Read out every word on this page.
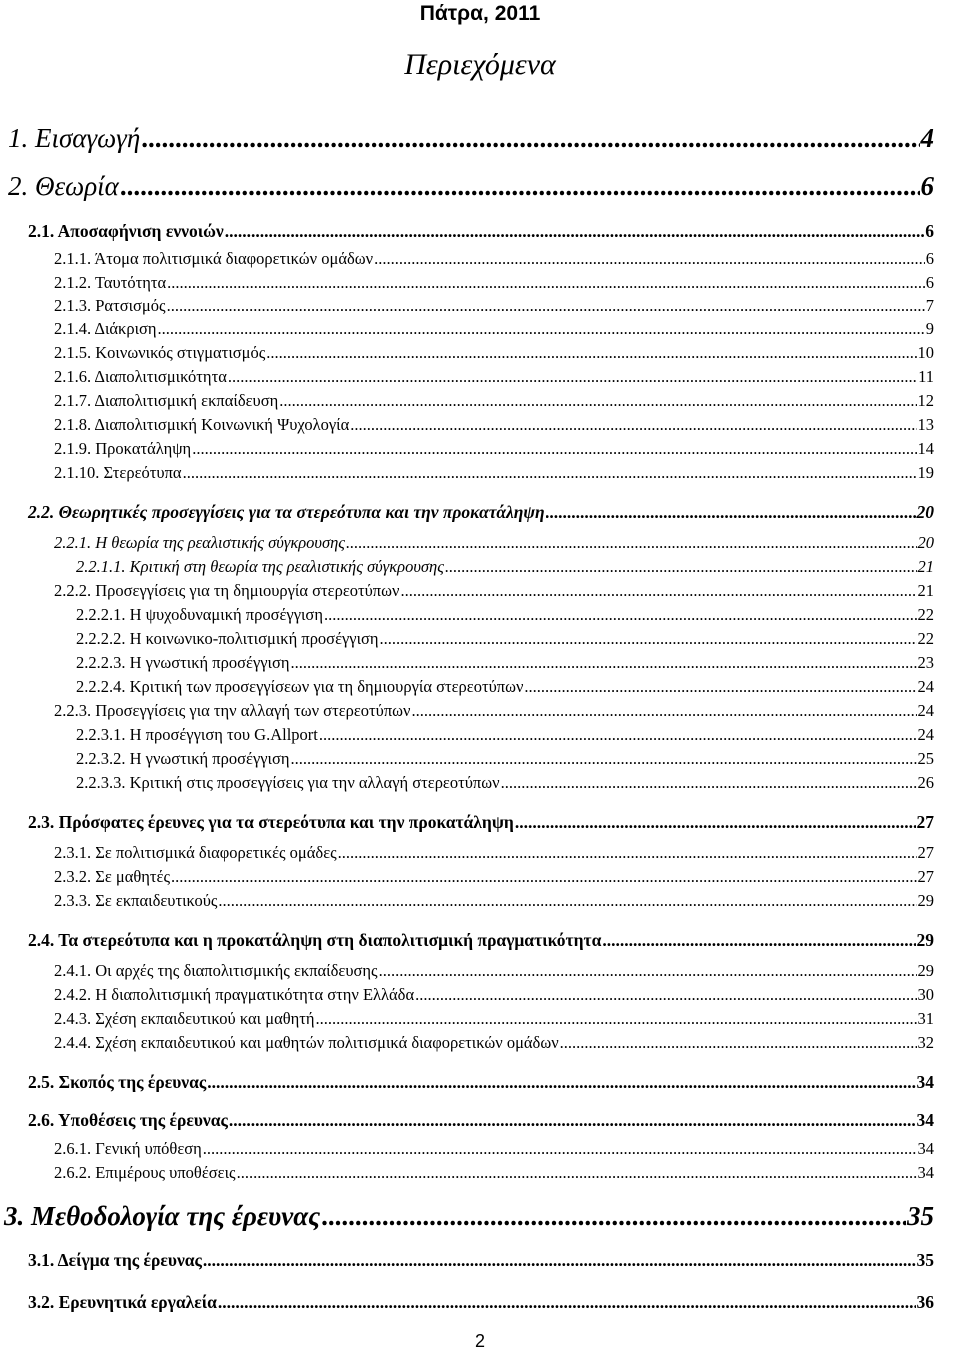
Πάτρα, 2011
Περιεχόμενα
1. Εισαγωγή .....	4
2. Θεωρία .....	6
2.1. Αποσαφήνιση εννοιών .....	6
2.1.1. Άτομα πολιτισμικά διαφορετικών ομάδων .....	6
2.1.2. Ταυτότητα .....	6
2.1.3. Ρατσισμός .....	7
2.1.4. Διάκριση .....	9
2.1.5. Κοινωνικός στιγματισμός .....	10
2.1.6. Διαπολιτισμικότητα .....	11
2.1.7. Διαπολιτισμική εκπαίδευση .....	12
2.1.8. Διαπολιτισμική Κοινωνική Ψυχολογία .....	13
2.1.9. Προκατάληψη .....	14
2.1.10. Στερεότυπα .....	19
2.2. Θεωρητικές προσεγγίσεις για τα στερεότυπα και την προκατάληψη .....	20
2.2.1. Η θεωρία της ρεαλιστικής σύγκρουσης .....	20
2.2.1.1. Κριτική στη θεωρία της ρεαλιστικής σύγκρουσης .....	21
2.2.2. Προσεγγίσεις για τη δημιουργία στερεοτύπων .....	21
2.2.2.1. Η ψυχοδυναμική προσέγγιση .....	22
2.2.2.2. Η κοινωνικο-πολιτισμική προσέγγιση .....	22
2.2.2.3. Η γνωστική προσέγγιση .....	23
2.2.2.4. Κριτική των προσεγγίσεων για τη δημιουργία στερεοτύπων .....	24
2.2.3. Προσεγγίσεις για την αλλαγή των στερεοτύπων .....	24
2.2.3.1. Η προσέγγιση του G.Allport .....	24
2.2.3.2. Η γνωστική προσέγγιση .....	25
2.2.3.3. Κριτική στις προσεγγίσεις για την αλλαγή στερεοτύπων .....	26
2.3. Πρόσφατες έρευνες για τα στερεότυπα και την προκατάληψη .....	27
2.3.1. Σε πολιτισμικά διαφορετικές ομάδες .....	27
2.3.2. Σε μαθητές .....	27
2.3.3. Σε εκπαιδευτικούς .....	29
2.4. Τα στερεότυπα και η προκατάληψη στη διαπολιτισμική πραγματικότητα .....	29
2.4.1. Οι αρχές της διαπολιτισμικής εκπαίδευσης .....	29
2.4.2. Η διαπολιτισμική πραγματικότητα στην Ελλάδα .....	30
2.4.3. Σχέση εκπαιδευτικού και μαθητή .....	31
2.4.4. Σχέση εκπαιδευτικού και μαθητών πολιτισμικά διαφορετικών ομάδων .....	32
2.5. Σκοπός της έρευνας .....	34
2.6. Υποθέσεις της έρευνας .....	34
2.6.1. Γενική υπόθεση .....	34
2.6.2. Επιμέρους υποθέσεις .....	34
3. Μεθοδολογία της έρευνας .....	35
3.1. Δείγμα της έρευνας .....	35
3.2. Ερευνητικά εργαλεία .....	36
2
